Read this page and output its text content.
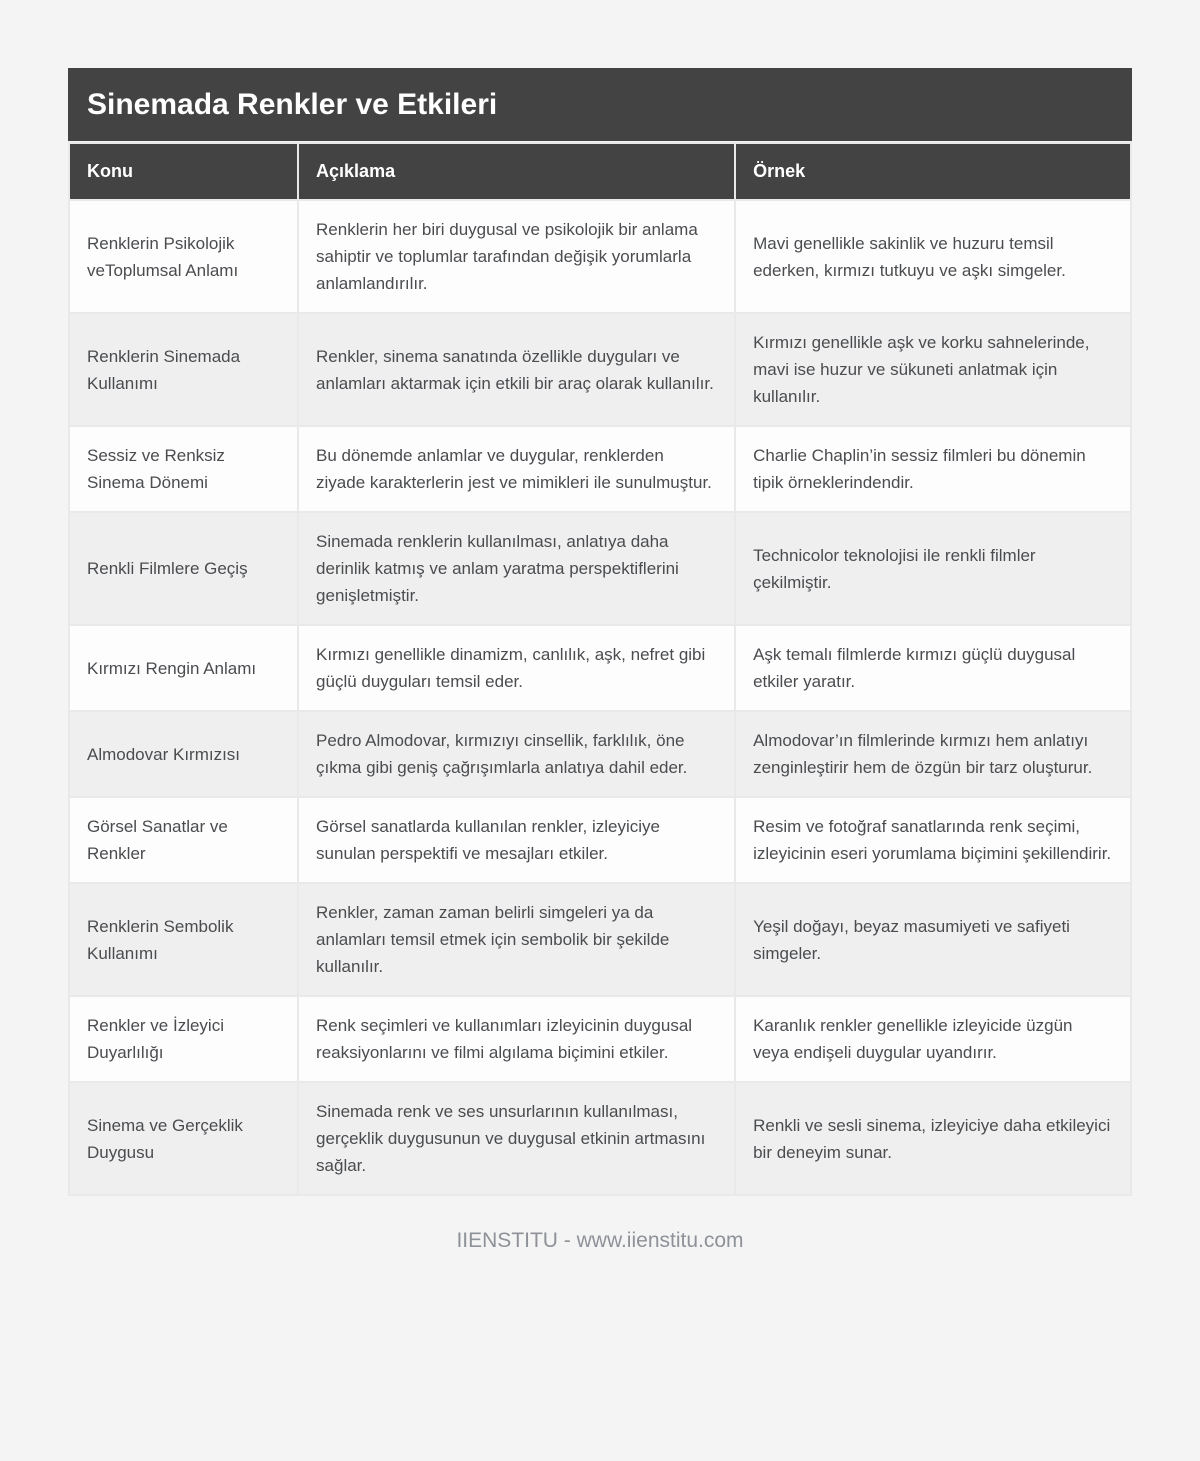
Sinemada Renkler ve Etkileri
Konu	Açıklama	Örnek
Renklerin Psikolojik veToplumsal Anlamı	Renklerin her biri duygusal ve psikolojik bir anlama sahiptir ve toplumlar tarafından değişik yorumlarla anlamlandırılır.	Mavi genellikle sakinlik ve huzuru temsil ederken, kırmızı tutkuyu ve aşkı simgeler.
Renklerin Sinemada Kullanımı	Renkler, sinema sanatında özellikle duyguları ve anlamları aktarmak için etkili bir araç olarak kullanılır.	Kırmızı genellikle aşk ve korku sahnelerinde, mavi ise huzur ve sükuneti anlatmak için kullanılır.
Sessiz ve Renksiz Sinema Dönemi	Bu dönemde anlamlar ve duygular, renklerden ziyade karakterlerin jest ve mimikleri ile sunulmuştur.	Charlie Chaplin’in sessiz filmleri bu dönemin tipik örneklerindendir.
Renkli Filmlere Geçiş	Sinemada renklerin kullanılması, anlatıya daha derinlik katmış ve anlam yaratma perspektiflerini genişletmiştir.	Technicolor teknolojisi ile renkli filmler çekilmiştir.
Kırmızı Rengin Anlamı	Kırmızı genellikle dinamizm, canlılık, aşk, nefret gibi güçlü duyguları temsil eder.	Aşk temalı filmlerde kırmızı güçlü duygusal etkiler yaratır.
Almodovar Kırmızısı	Pedro Almodovar, kırmızıyı cinsellik, farklılık, öne çıkma gibi geniş çağrışımlarla anlatıya dahil eder.	Almodovar’ın filmlerinde kırmızı hem anlatıyı zenginleştirir hem de özgün bir tarz oluşturur.
Görsel Sanatlar ve Renkler	Görsel sanatlarda kullanılan renkler, izleyiciye sunulan perspektifi ve mesajları etkiler.	Resim ve fotoğraf sanatlarında renk seçimi, izleyicinin eseri yorumlama biçimini şekillendirir.
Renklerin Sembolik Kullanımı	Renkler, zaman zaman belirli simgeleri ya da anlamları temsil etmek için sembolik bir şekilde kullanılır.	Yeşil doğayı, beyaz masumiyeti ve safiyeti simgeler.
Renkler ve İzleyici Duyarlılığı	Renk seçimleri ve kullanımları izleyicinin duygusal reaksiyonlarını ve filmi algılama biçimini etkiler.	Karanlık renkler genellikle izleyicide üzgün veya endişeli duygular uyandırır.
Sinema ve Gerçeklik Duygusu	Sinemada renk ve ses unsurlarının kullanılması, gerçeklik duygusunun ve duygusal etkinin artmasını sağlar.	Renkli ve sesli sinema, izleyiciye daha etkileyici bir deneyim sunar.
IIENSTITU - www.iienstitu.com
